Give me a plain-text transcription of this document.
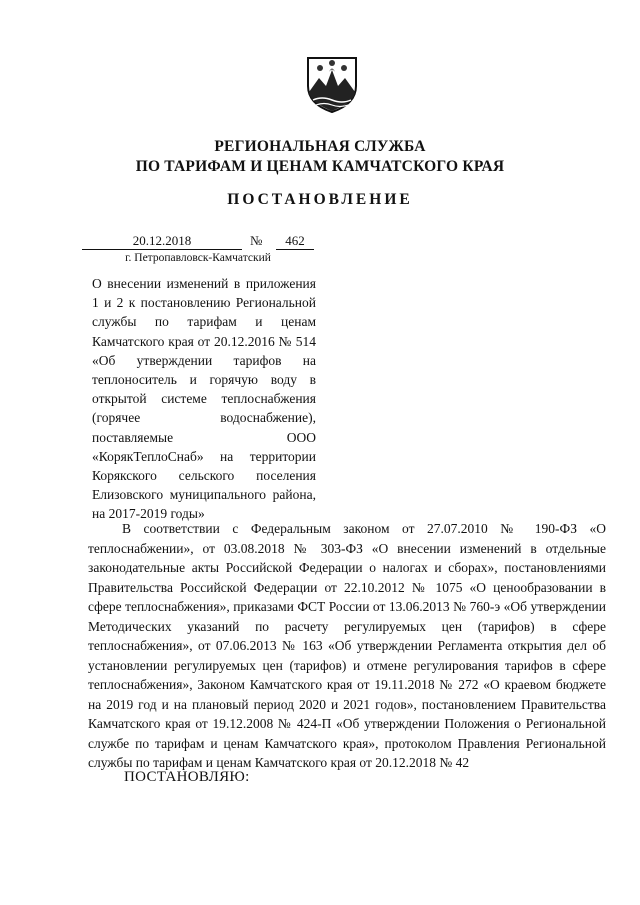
РЕГИОНАЛЬНАЯ СЛУЖБА
ПО ТАРИФАМ И ЦЕНАМ КАМЧАТСКОГО КРАЯ
ПОСТАНОВЛЕНИЕ
20.12.2018	№	462
г. Петропавловск-Камчатский
О внесении изменений в приложения 1 и 2 к постановлению Региональной службы по тарифам и ценам Камчатского края от 20.12.2016 № 514 «Об утверждении тарифов на теплоноситель и горячую воду в открытой системе теплоснабжения (горячее водоснабжение), поставляемые ООО «КорякТеплоСнаб» на территории Корякского сельского поселения Елизовского муниципального района, на 2017-2019 годы»
В соответствии с Федеральным законом от 27.07.2010 № 190-ФЗ «О теплоснабжении», от 03.08.2018 № 303-ФЗ «О внесении изменений в отдельные законодательные акты Российской Федерации о налогах и сборах», постановлениями Правительства Российской Федерации от 22.10.2012 № 1075 «О ценообразовании в сфере теплоснабжения», приказами ФСТ России от 13.06.2013 № 760-э «Об утверждении Методических указаний по расчету регулируемых цен (тарифов) в сфере теплоснабжения», от 07.06.2013 № 163 «Об утверждении Регламента открытия дел об установлении регулируемых цен (тарифов) и отмене регулирования тарифов в сфере теплоснабжения», Законом Камчатского края от 19.11.2018 № 272 «О краевом бюджете на 2019 год и на плановый период 2020 и 2021 годов», постановлением Правительства Камчатского края от 19.12.2008 № 424-П «Об утверждении Положения о Региональной службе по тарифам и ценам Камчатского края», протоколом Правления Региональной службы по тарифам и ценам Камчатского края от 20.12.2018 № 42
ПОСТАНОВЛЯЮ:
